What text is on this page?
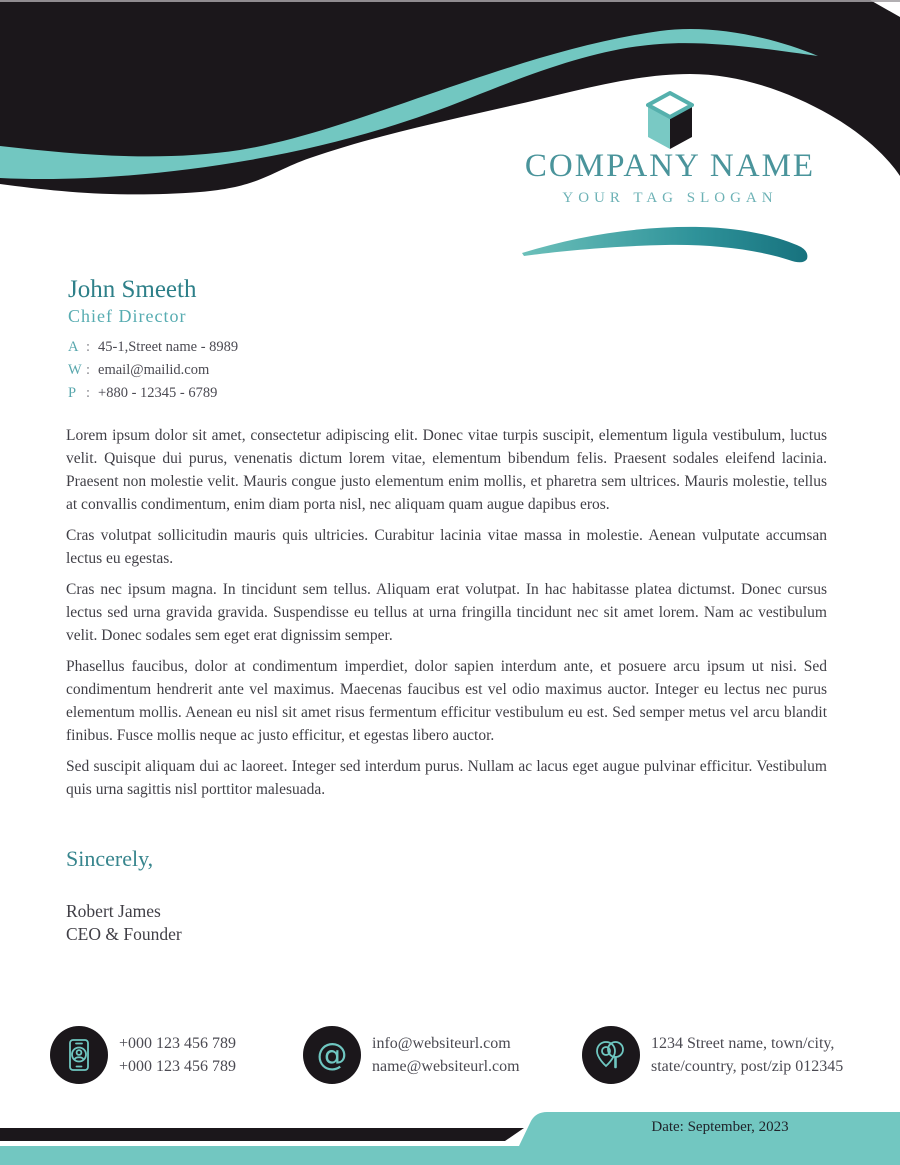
COMPANY NAME
YOUR TAG SLOGAN
John Smeeth
Chief Director
A : 45-1,Street name - 8989
W : email@mailid.com
P : +880 - 12345 - 6789

Lorem ipsum dolor sit amet, consectetur adipiscing elit. Donec vitae turpis suscipit, elementum ligula vestibulum, luctus velit. Quisque dui purus, venenatis dictum lorem vitae, elementum bibendum felis. Praesent sodales eleifend lacinia. Praesent non molestie velit. Mauris congue justo elementum enim mollis, et pharetra sem ultrices. Mauris molestie, tellus at convallis condimentum, enim diam porta nisl, nec aliquam quam augue dapibus eros.

Cras volutpat sollicitudin mauris quis ultricies. Curabitur lacinia vitae massa in molestie. Aenean vulputate accumsan lectus eu egestas.

Cras nec ipsum magna. In tincidunt sem tellus. Aliquam erat volutpat. In hac habitasse platea dictumst. Donec cursus lectus sed urna gravida gravida. Suspendisse eu tellus at urna fringilla tincidunt nec sit amet lorem. Nam ac vestibulum velit. Donec sodales sem eget erat dignissim semper.

Phasellus faucibus, dolor at condimentum imperdiet, dolor sapien interdum ante, et posuere arcu ipsum ut nisi. Sed condimentum hendrerit ante vel maximus. Maecenas faucibus est vel odio maximus auctor. Integer eu lectus nec purus elementum mollis. Aenean eu nisl sit amet risus fermentum efficitur vestibulum eu est. Sed semper metus vel arcu blandit finibus. Fusce mollis neque ac justo efficitur, et egestas libero auctor.

Sed suscipit aliquam dui ac laoreet. Integer sed interdum purus. Nullam ac lacus eget augue pulvinar efficitur. Vestibulum quis urna sagittis nisl porttitor malesuada.

Sincerely,
Robert James
CEO & Founder
+000 123 456 789
+000 123 456 789	@ info@websiteurl.com
name@websiteurl.com
1234 Street name, town/city,
state/country, post/zip 012345
Date: September, 2023
